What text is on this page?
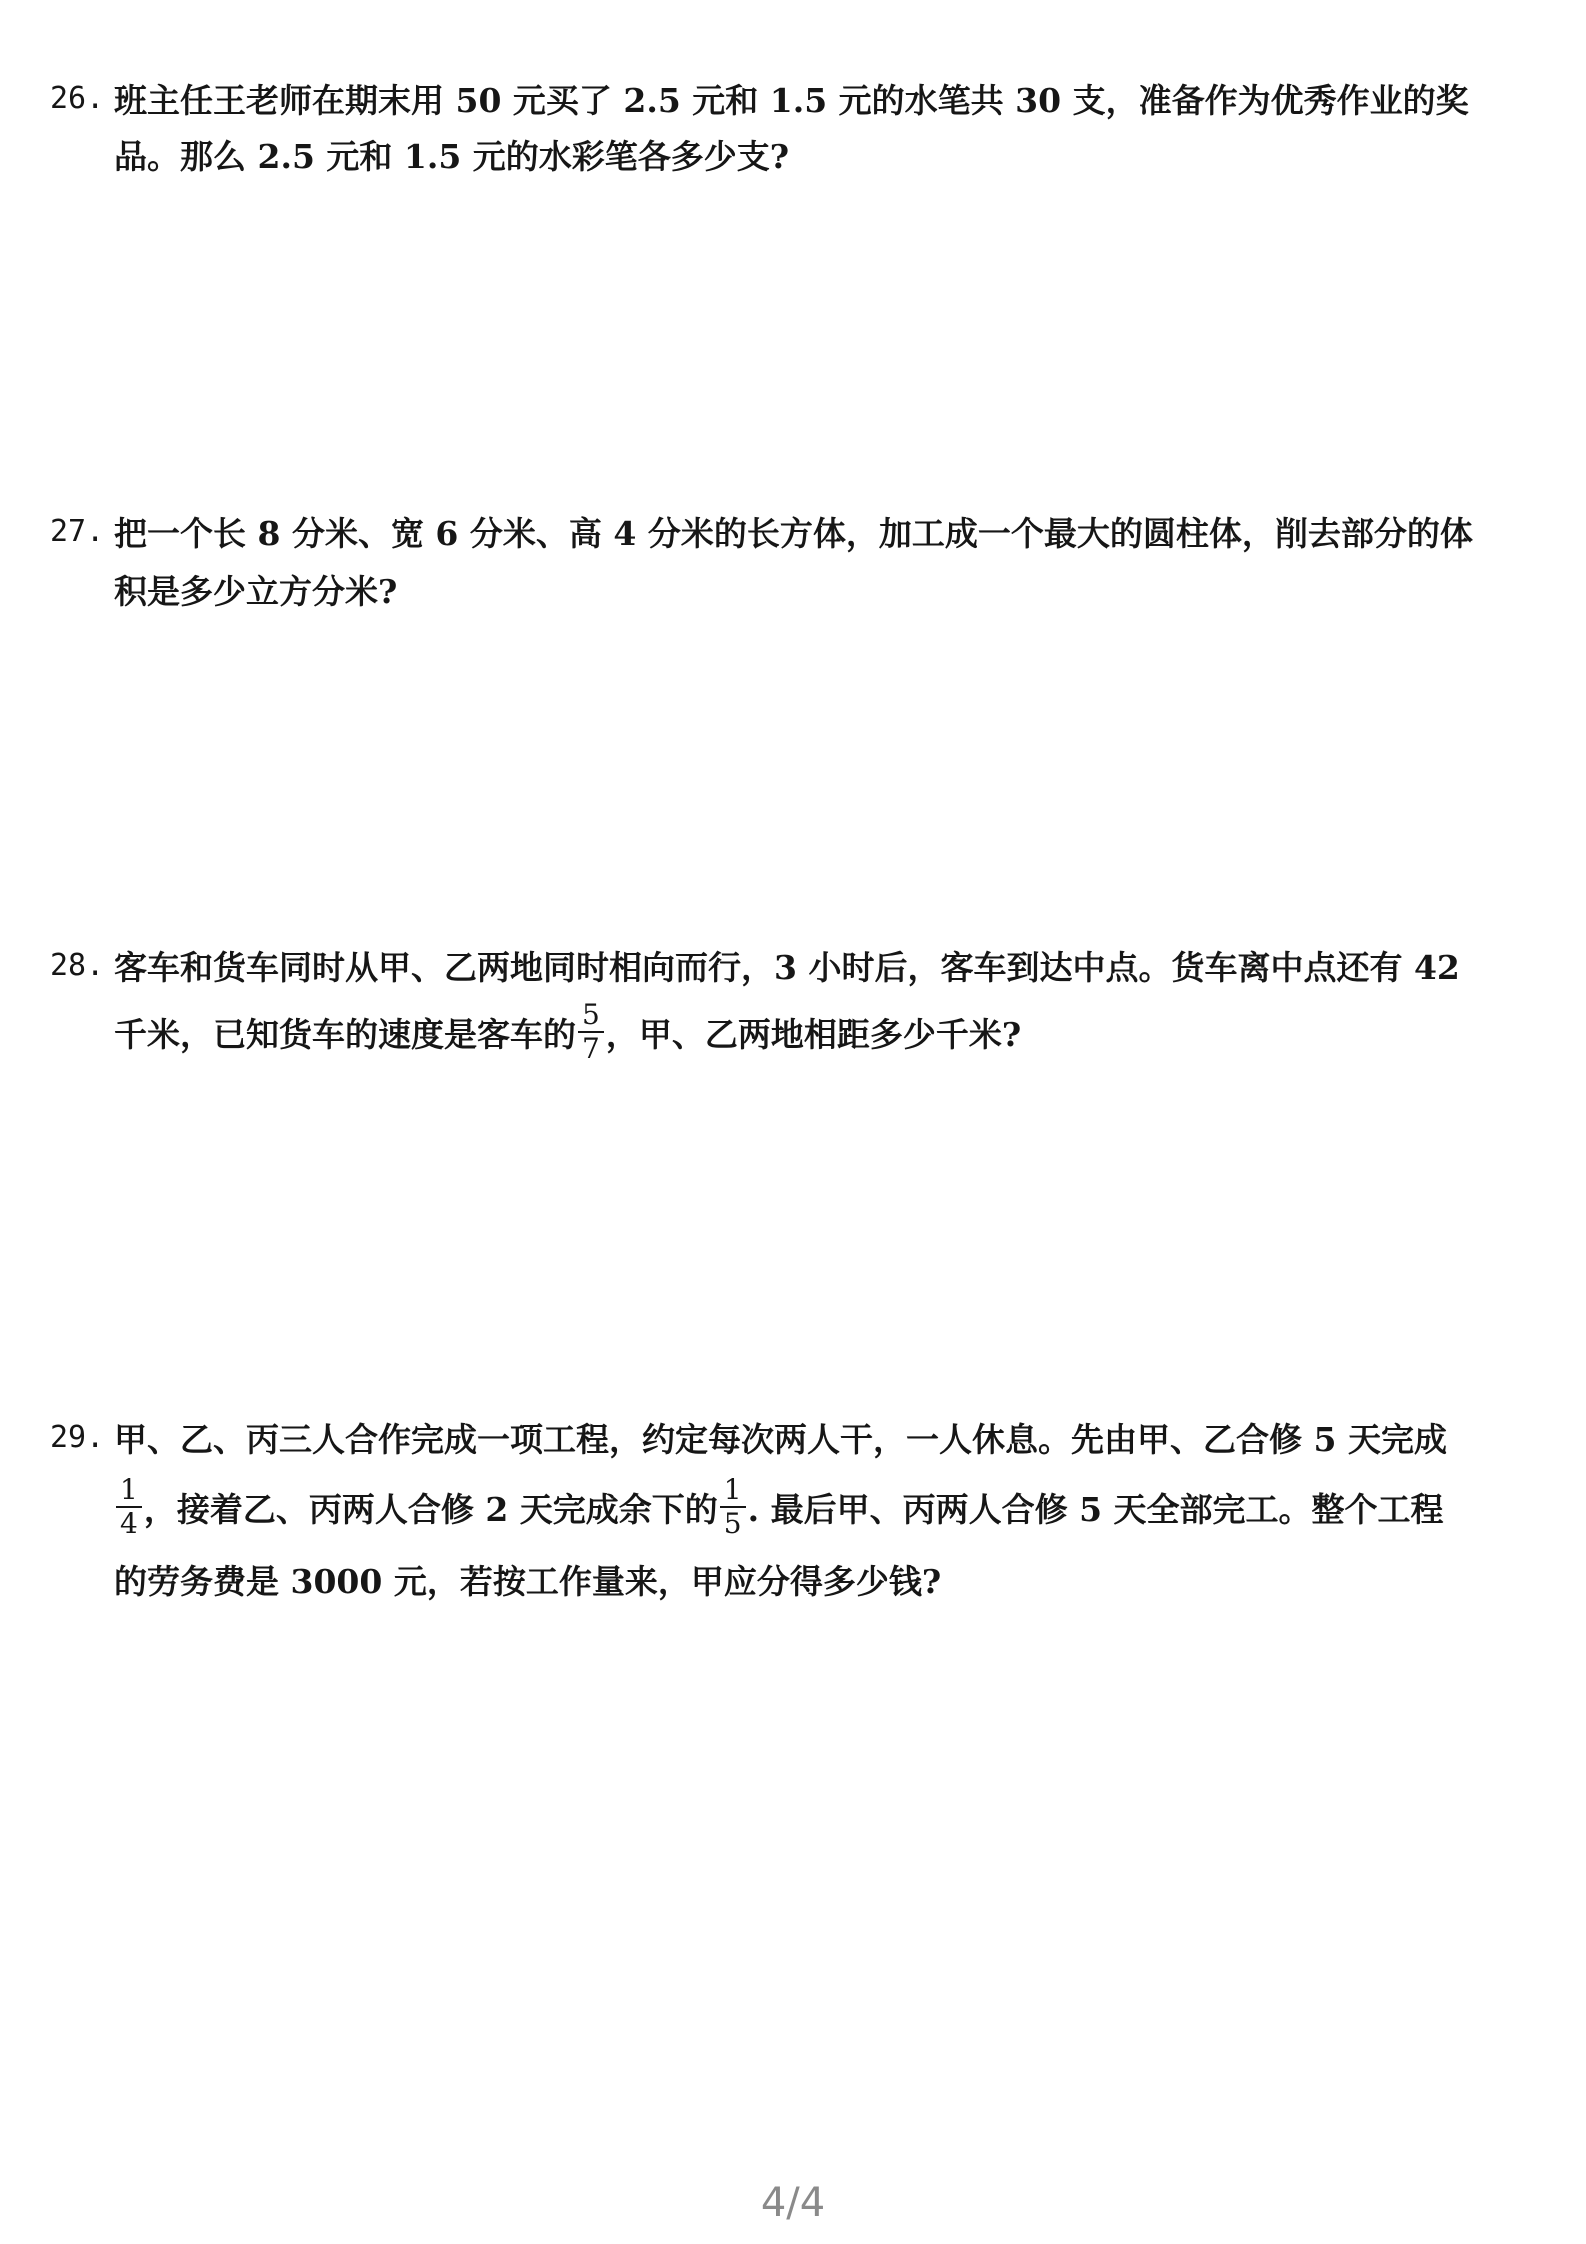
26. 班主任王老师在期末用 50 元买了 2.5 元和 1.5 元的水笔共 30 支，准备作为优秀作业的奖
品。那么 2.5 元和 1.5 元的水彩笔各多少支?
27. 把一个长 8 分米、宽 6 分米、高 4 分米的长方体，加工成一个最大的圆柱体，削去部分的体
积是多少立方分米?
28. 客车和货车同时从甲、乙两地同时相向而行，3 小时后，客车到达中点。货车离中点还有 42
千米，已知货车的速度是客车的 $\frac{5}{7}$ ，甲、乙两地相距多少千米?
29. 甲、乙、丙三人合作完成一项工程，约定每次两人干，一人休息。先由甲、乙合修 5 天完成
$\frac{1}{4}$ ，接着乙、丙两人合修 2 天完成余下的 $\frac{1}{5}$ . 最后甲、丙两人合修 5 天全部完工。整个工程
的劳务费是 3000 元，若按工作量来，甲应分得多少钱?
4/4
